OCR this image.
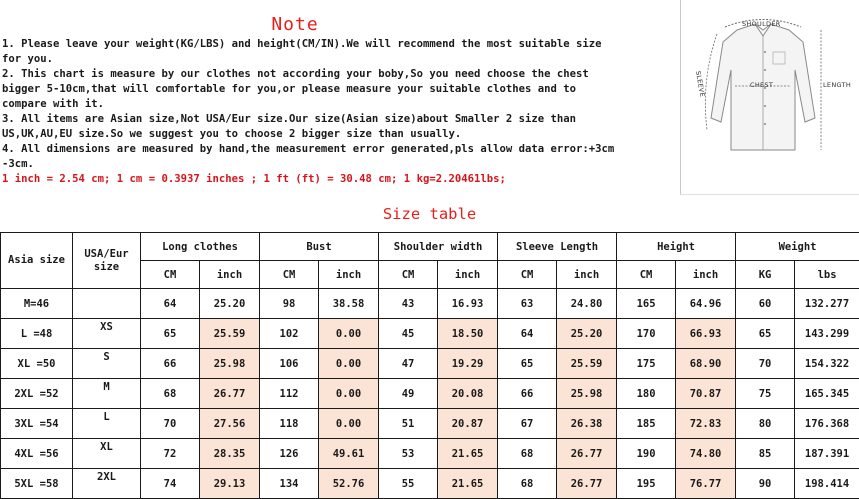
Note
1. Please leave your weight(KG/LBS) and height(CM/IN).We will recommend the most suitable size
for you.
2. This chart is measure by our clothes not according your boby,So you need choose the chest
bigger 5-10cm,that will comfortable for you,or please measure your suitable clothes and to
compare with it.
3. All items are Asian size,Not USA/Eur size.Our size(Asian size)about Smaller 2 size than
US,UK,AU,EU size.So we suggest you to choose 2 bigger size than usually.
4. All dimensions are measured by hand,the measurement error generated,pls allow data error:+3cm
-3cm.
1 inch = 2.54 cm; 1 cm = 0.3937 inches ; 1 ft (ft) = 30.48 cm; 1 kg=2.20461lbs;
SHOULDER
CHEST
SLEEVE	LENGTH
Size table
Asia size	USA/Eur size	Long clothes		Bust		Shoulder width		Sleeve Length		Height		Weight	
		CM	inch	CM	inch	CM	inch	CM	inch	CM	inch	KG	lbs
M=46		64	25.20	98	38.58	43	16.93	63	24.80	165	64.96	60	132.277
L =48	XS	65	25.59	102	0.00	45	18.50	64	25.20	170	66.93	65	143.299
XL =50	S	66	25.98	106	0.00	47	19.29	65	25.59	175	68.90	70	154.322
2XL =52	M	68	26.77	112	0.00	49	20.08	66	25.98	180	70.87	75	165.345
3XL =54	L	70	27.56	118	0.00	51	20.87	67	26.38	185	72.83	80	176.368
4XL =56	XL	72	28.35	126	49.61	53	21.65	68	26.77	190	74.80	85	187.391
5XL =58	2XL	74	29.13	134	52.76	55	21.65	68	26.77	195	76.77	90	198.414
